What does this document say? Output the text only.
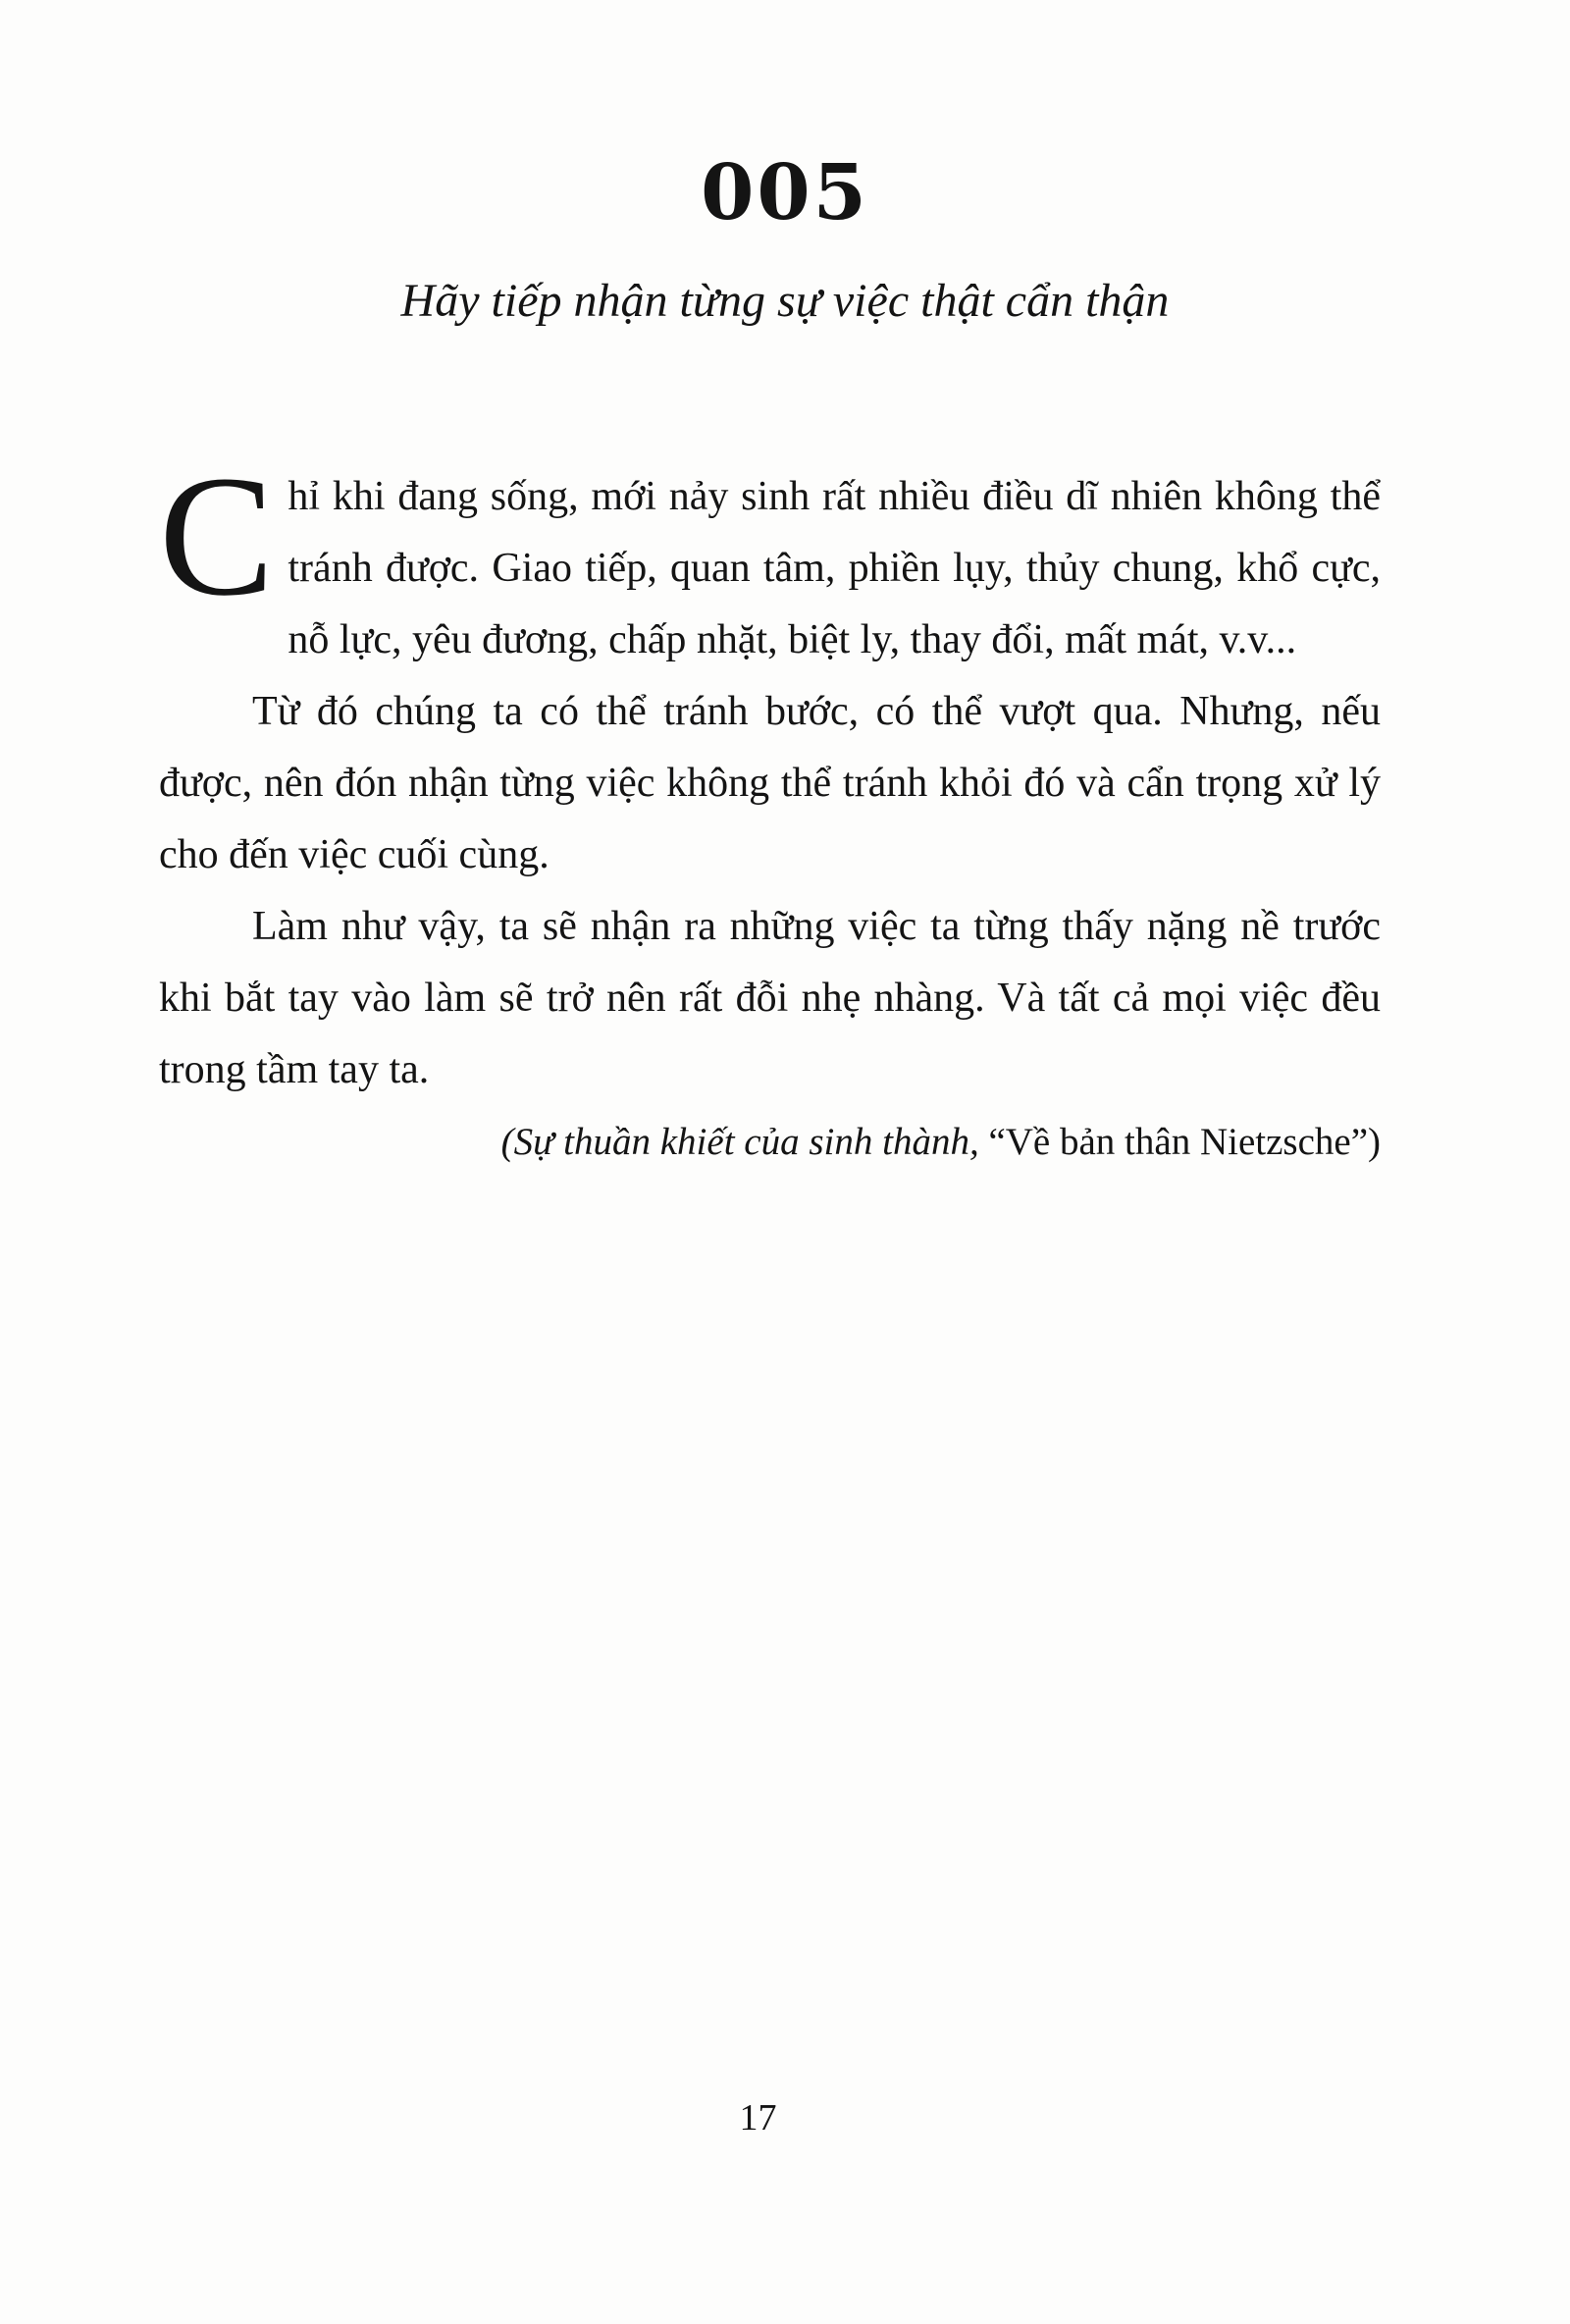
005
Hãy tiếp nhận từng sự việc thật cẩn thận

Chỉ khi đang sống, mới nảy sinh rất nhiều điều dĩ nhiên không thể tránh được. Giao tiếp, quan tâm, phiền lụy, thủy chung, khổ cực, nỗ lực, yêu đương, chấp nhặt, biệt ly, thay đổi, mất mát, v.v...

Từ đó chúng ta có thể tránh bước, có thể vượt qua. Nhưng, nếu được, nên đón nhận từng việc không thể tránh khỏi đó và cẩn trọng xử lý cho đến việc cuối cùng.

Làm như vậy, ta sẽ nhận ra những việc ta từng thấy nặng nề trước khi bắt tay vào làm sẽ trở nên rất đỗi nhẹ nhàng. Và tất cả mọi việc đều trong tầm tay ta.

(Sự thuần khiết của sinh thành, “Về bản thân Nietzsche”)
17
